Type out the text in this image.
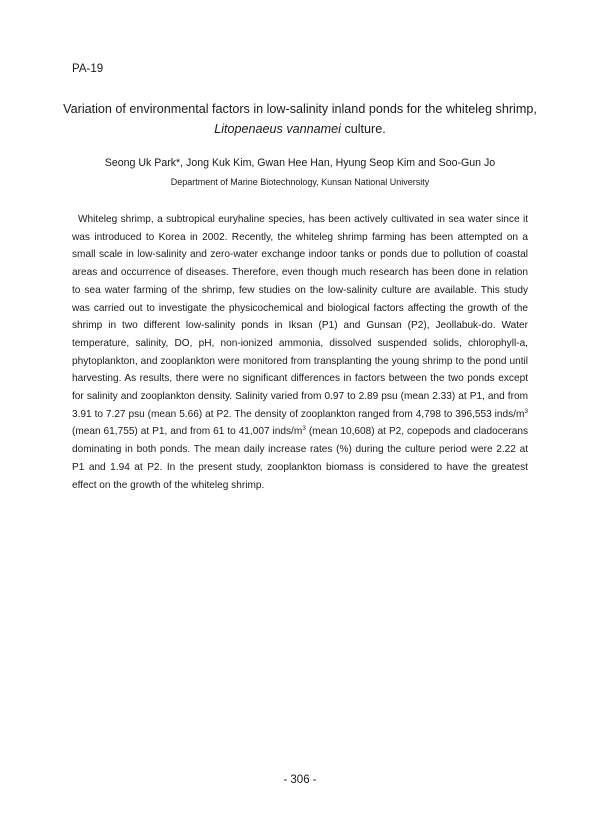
PA-19
Variation of environmental factors in low-salinity inland ponds for the whiteleg shrimp, Litopenaeus vannamei culture.
Seong Uk Park*, Jong Kuk Kim, Gwan Hee Han, Hyung Seop Kim and Soo-Gun Jo
Department of Marine Biotechnology, Kunsan National University

Whiteleg shrimp, a subtropical euryhaline species, has been actively cultivated in sea water since it was introduced to Korea in 2002. Recently, the whiteleg shrimp farming has been attempted on a small scale in low-salinity and zero-water exchange indoor tanks or ponds due to pollution of coastal areas and occurrence of diseases. Therefore, even though much research has been done in relation to sea water farming of the shrimp, few studies on the low-salinity culture are available. This study was carried out to investigate the physicochemical and biological factors affecting the growth of the shrimp in two different low-salinity ponds in Iksan (P1) and Gunsan (P2), Jeollabuk-do. Water temperature, salinity, DO, pH, non-ionized ammonia, dissolved suspended solids, chlorophyll-a, phytoplankton, and zooplankton were monitored from transplanting the young shrimp to the pond until harvesting. As results, there were no significant differences in factors between the two ponds except for salinity and zooplankton density. Salinity varied from 0.97 to 2.89 psu (mean 2.33) at P1, and from 3.91 to 7.27 psu (mean 5.66) at P2. The density of zooplankton ranged from 4,798 to 396,553 inds/$m^3$ (mean 61,755) at P1, and from 61 to 41,007 inds/$m^3$ (mean 10,608) at P2, copepods and cladocerans dominating in both ponds. The mean daily increase rates (%) during the culture period were 2.22 at P1 and 1.94 at P2. In the present study, zooplankton biomass is considered to have the greatest effect on the growth of the whiteleg shrimp.

- 306 -
